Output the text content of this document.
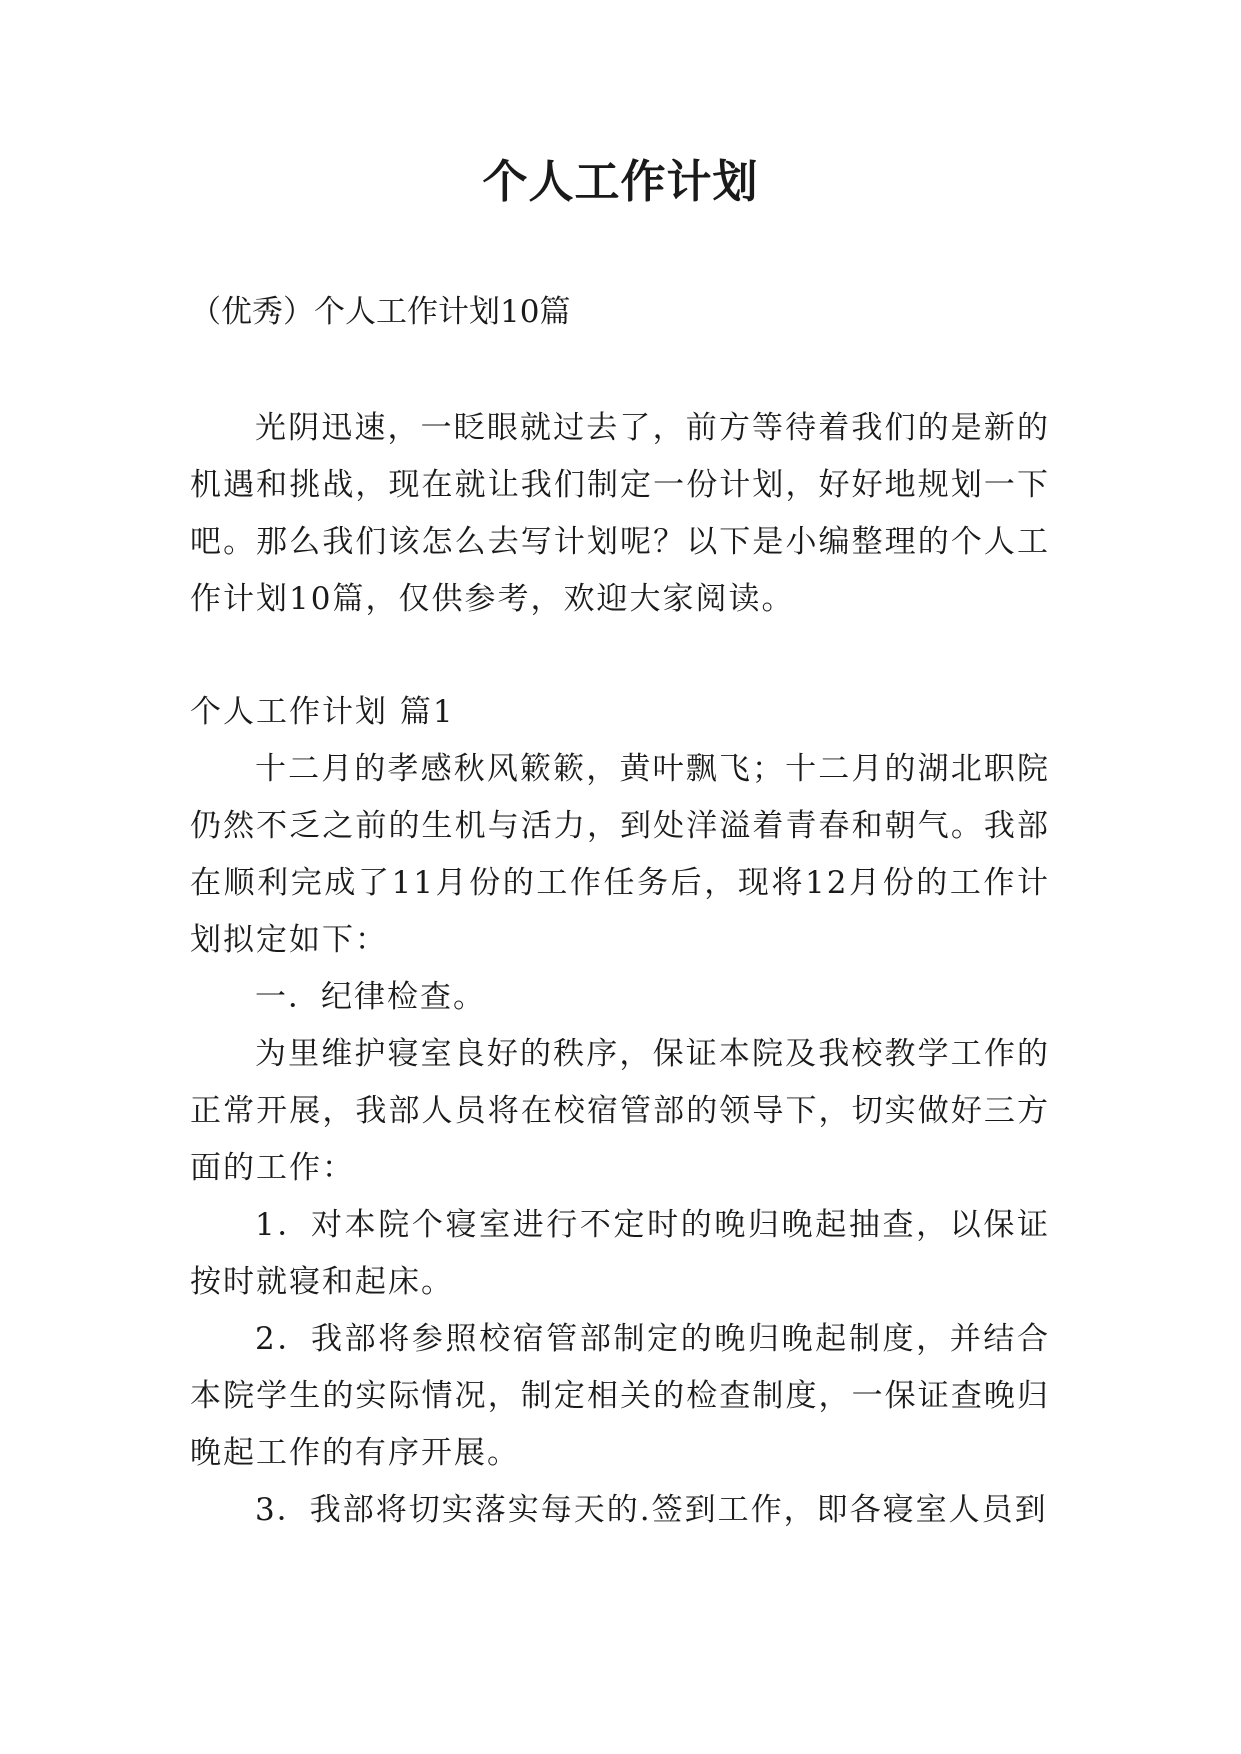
个人工作计划

（优秀）个人工作计划10篇

光阴迅速，一眨眼就过去了，前方等待着我们的是新的机遇和挑战，现在就让我们制定一份计划，好好地规划一下吧。那么我们该怎么去写计划呢？以下是小编整理的个人工作计划10篇，仅供参考，欢迎大家阅读。

个人工作计划 篇1

十二月的孝感秋风簌簌，黄叶飘飞；十二月的湖北职院仍然不乏之前的生机与活力，到处洋溢着青春和朝气。我部在顺利完成了11月份的工作任务后，现将12月份的工作计划拟定如下：

一．纪律检查。

为里维护寝室良好的秩序，保证本院及我校教学工作的正常开展，我部人员将在校宿管部的领导下，切实做好三方面的工作：

1．对本院个寝室进行不定时的晚归晚起抽查，以保证按时就寝和起床。

2．我部将参照校宿管部制定的晚归晚起制度，并结合本院学生的实际情况，制定相关的检查制度，一保证查晚归晚起工作的有序开展。

3．我部将切实落实每天的.签到工作，即各寝室人员到
